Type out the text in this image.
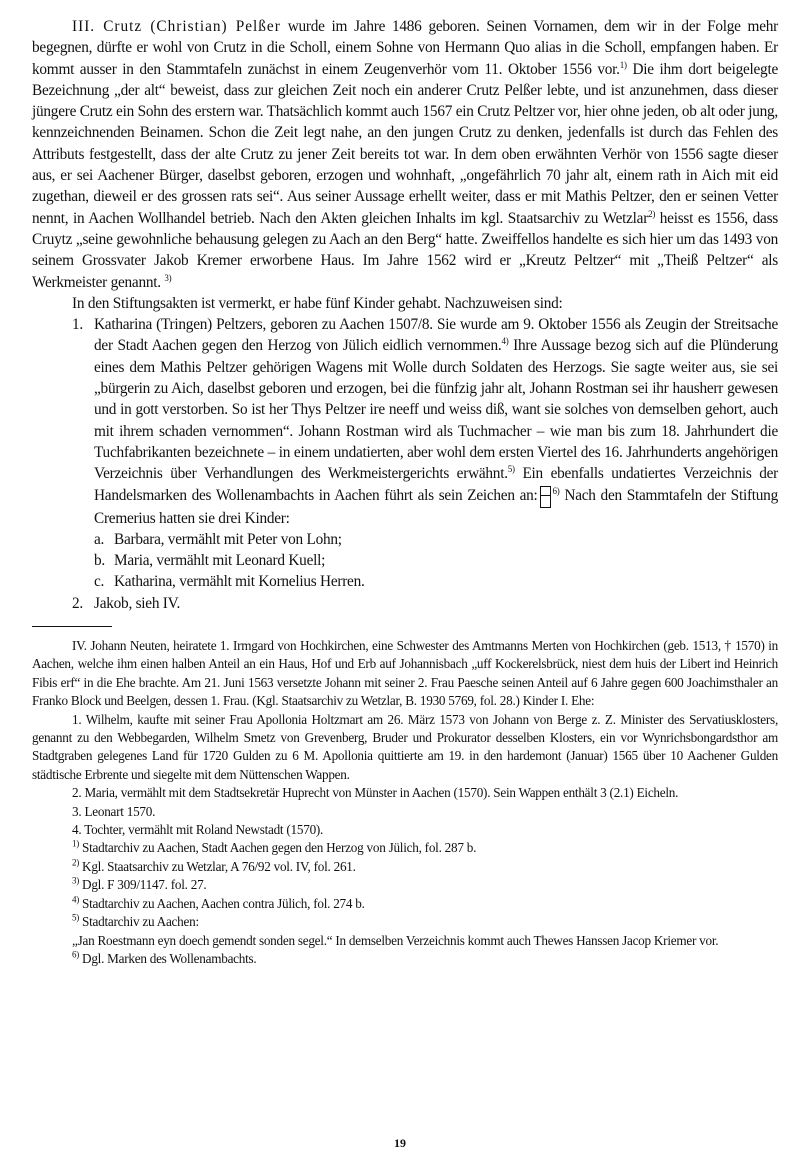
III. Crutz (Christian) Pelßer wurde im Jahre 1486 geboren. Seinen Vornamen, dem wir in der Folge mehr begegnen, dürfte er wohl von Crutz in die Scholl, einem Sohne von Hermann Quo alias in die Scholl, empfangen haben. Er kommt ausser in den Stammtafeln zunächst in einem Zeugenverhör vom 11. Oktober 1556 vor.$^{1)}$ Die ihm dort beigelegte Bezeichnung „der alt“ beweist, dass zur gleichen Zeit noch ein anderer Crutz Pelßer lebte, und ist anzunehmen, dass dieser jüngere Crutz ein Sohn des erstern war. Thatsächlich kommt auch 1567 ein Crutz Peltzer vor, hier ohne jeden, ob alt oder jung, kennzeichnenden Beinamen. Schon die Zeit legt nahe, an den jungen Crutz zu denken, jedenfalls ist durch das Fehlen des Attributs festgestellt, dass der alte Crutz zu jener Zeit bereits tot war. In dem oben erwähnten Verhör von 1556 sagte dieser aus, er sei Aachener Bürger, daselbst geboren, erzogen und wohnhaft, „ongefährlich 70 jahr alt, einem rath in Aich mit eid zugethan, dieweil er des grossen rats sei“. Aus seiner Aussage erhellt weiter, dass er mit Mathis Peltzer, den er seinen Vetter nennt, in Aachen Wollhandel betrieb. Nach den Akten gleichen Inhalts im kgl. Staatsarchiv zu Wetzlar$^{2)}$ heisst es 1556, dass Cruytz „seine gewohnliche behausung gelegen zu Aach an den Berg“ hatte. Zweiffellos handelte es sich hier um das 1493 von seinem Grossvater Jakob Kremer erworbene Haus. Im Jahre 1562 wird er „Kreutz Peltzer“ mit „Theiß Peltzer“ als Werkmeister genannt. $^{3)}$

In den Stiftungsakten ist vermerkt, er habe fünf Kinder gehabt. Nachzuweisen sind:

1. Katharina (Tringen) Peltzers, geboren zu Aachen 1507/8. Sie wurde am 9. Oktober 1556 als Zeugin der Streitsache der Stadt Aachen gegen den Herzog von Jülich eidlich vernommen.$^{4)}$ Ihre Aussage bezog sich auf die Plünderung eines dem Mathis Peltzer gehörigen Wagens mit Wolle durch Soldaten des Herzogs. Sie sagte weiter aus, sie sei „bürgerin zu Aich, daselbst geboren und erzogen, bei die fünfzig jahr alt, Johann Rostman sei ihr hausherr gewesen und in gott verstorben. So ist her Thys Peltzer ire neeff und weiss diß, want sie solches von demselben gehort, auch mit ihrem schaden vernommen“. Johann Rostman wird als Tuchmacher – wie man bis zum 18. Jahrhundert die Tuchfabrikanten bezeichnete – in einem undatierten, aber wohl dem ersten Viertel des 16. Jahrhunderts angehörigen Verzeichnis über Verhandlungen des Werkmeistergerichts erwähnt.$^{5)}$ Ein ebenfalls undatiertes Verzeichnis der Handelsmarken des Wollenambachts in Aachen führt als sein Zeichen an: $^{6)}$ Nach den Stammtafeln der Stiftung Cremerius hatten sie drei Kinder:
a. Barbara, vermählt mit Peter von Lohn;
b. Maria, vermählt mit Leonard Kuell;
c. Katharina, vermählt mit Kornelius Herren.
2. Jakob, sieh IV.

IV. Johann Neuten, heiratete 1. Irmgard von Hochkirchen, eine Schwester des Amtmanns Merten von Hochkirchen (geb. 1513, † 1570) in Aachen, welche ihm einen halben Anteil an ein Haus, Hof und Erb auf Johannisbach „uff Kockerelsbrück, niest dem huis der Libert ind Heinrich Fibis erf“ in die Ehe brachte. Am 21. Juni 1563 versetzte Johann mit seiner 2. Frau Paesche seinen Anteil auf 6 Jahre gegen 600 Joachimsthaler an Franko Block und Beelgen, dessen 1. Frau. (Kgl. Staatsarchiv zu Wetzlar, B. 1930 5769, fol. 28.) Kinder I. Ehe:

1. Wilhelm, kaufte mit seiner Frau Apollonia Holtzmart am 26. März 1573 von Johann von Berge z. Z. Minister des Servatiusklosters, genannt zu den Webbegarden, Wilhelm Smetz von Grevenberg, Bruder und Prokurator desselben Klosters, ein vor Wynrichsbongardsthor am Stadtgraben gelegenes Land für 1720 Gulden zu 6 M. Apollonia quittierte am 19. in den hardemont (Januar) 1565 über 10 Aachener Gulden städtische Erbrente und siegelte mit dem Nüttenschen Wappen.

2. Maria, vermählt mit dem Stadtsekretär Huprecht von Münster in Aachen (1570). Sein Wappen enthält 3 (2.1) Eicheln.

3. Leonart 1570.

4. Tochter, vermählt mit Roland Newstadt (1570).

$^{1)}$ Stadtarchiv zu Aachen, Stadt Aachen gegen den Herzog von Jülich, fol. 287 b.

$^{2)}$ Kgl. Staatsarchiv zu Wetzlar, A 76/92 vol. IV, fol. 261.

$^{3)}$ Dgl. F 309/1147. fol. 27.

$^{4)}$ Stadtarchiv zu Aachen, Aachen contra Jülich, fol. 274 b.

$^{5)}$ Stadtarchiv zu Aachen:

„Jan Roestmann eyn doech gemendt sonden segel.“ In demselben Verzeichnis kommt auch Thewes Hanssen Jacop Kriemer vor.

$^{6)}$ Dgl. Marken des Wollenambachts.

19
